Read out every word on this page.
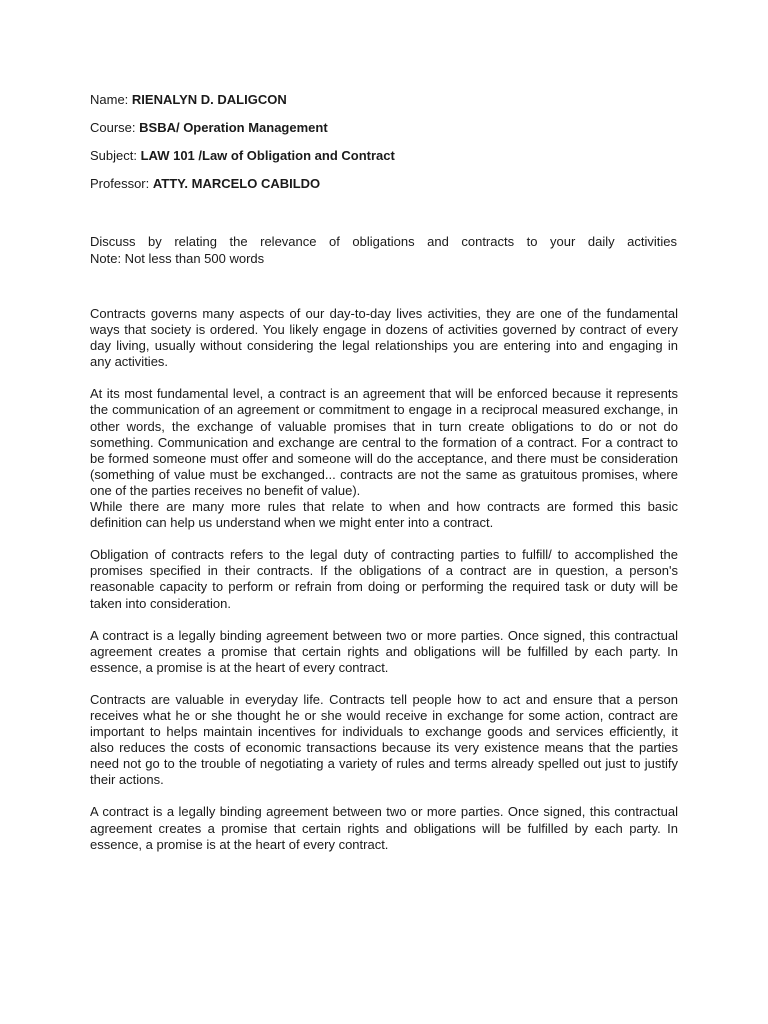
Name: RIENALYN D. DALIGCON
Course: BSBA/ Operation Management
Subject: LAW 101 /Law of Obligation and Contract
Professor: ATTY. MARCELO CABILDO
Discuss by relating the relevance of obligations and contracts to your daily activities
Note: Not less than 500 words

Contracts governs many aspects of our day-to-day lives activities, they are one of the fundamental ways that society is ordered. You likely engage in dozens of activities governed by contract of every day living, usually without considering the legal relationships you are entering into and engaging in any activities.

At its most fundamental level, a contract is an agreement that will be enforced because it represents the communication of an agreement or commitment to engage in a reciprocal measured exchange, in other words, the exchange of valuable promises that in turn create obligations to do or not do something. Communication and exchange are central to the formation of a contract. For a contract to be formed someone must offer and someone will do the acceptance, and there must be consideration (something of value must be exchanged... contracts are not the same as gratuitous promises, where one of the parties receives no benefit of value).

While there are many more rules that relate to when and how contracts are formed this basic definition can help us understand when we might enter into a contract.

Obligation of contracts refers to the legal duty of contracting parties to fulfill/ to accomplished the promises specified in their contracts. If the obligations of a contract are in question, a person's reasonable capacity to perform or refrain from doing or performing the required task or duty will be taken into consideration.

A contract is a legally binding agreement between two or more parties. Once signed, this contractual agreement creates a promise that certain rights and obligations will be fulfilled by each party. In essence, a promise is at the heart of every contract.

Contracts are valuable in everyday life. Contracts tell people how to act and ensure that a person receives what he or she thought he or she would receive in exchange for some action, contract are important to helps maintain incentives for individuals to exchange goods and services efficiently, it also reduces the costs of economic transactions because its very existence means that the parties need not go to the trouble of negotiating a variety of rules and terms already spelled out just to justify their actions.

A contract is a legally binding agreement between two or more parties. Once signed, this contractual agreement creates a promise that certain rights and obligations will be fulfilled by each party. In essence, a promise is at the heart of every contract.
